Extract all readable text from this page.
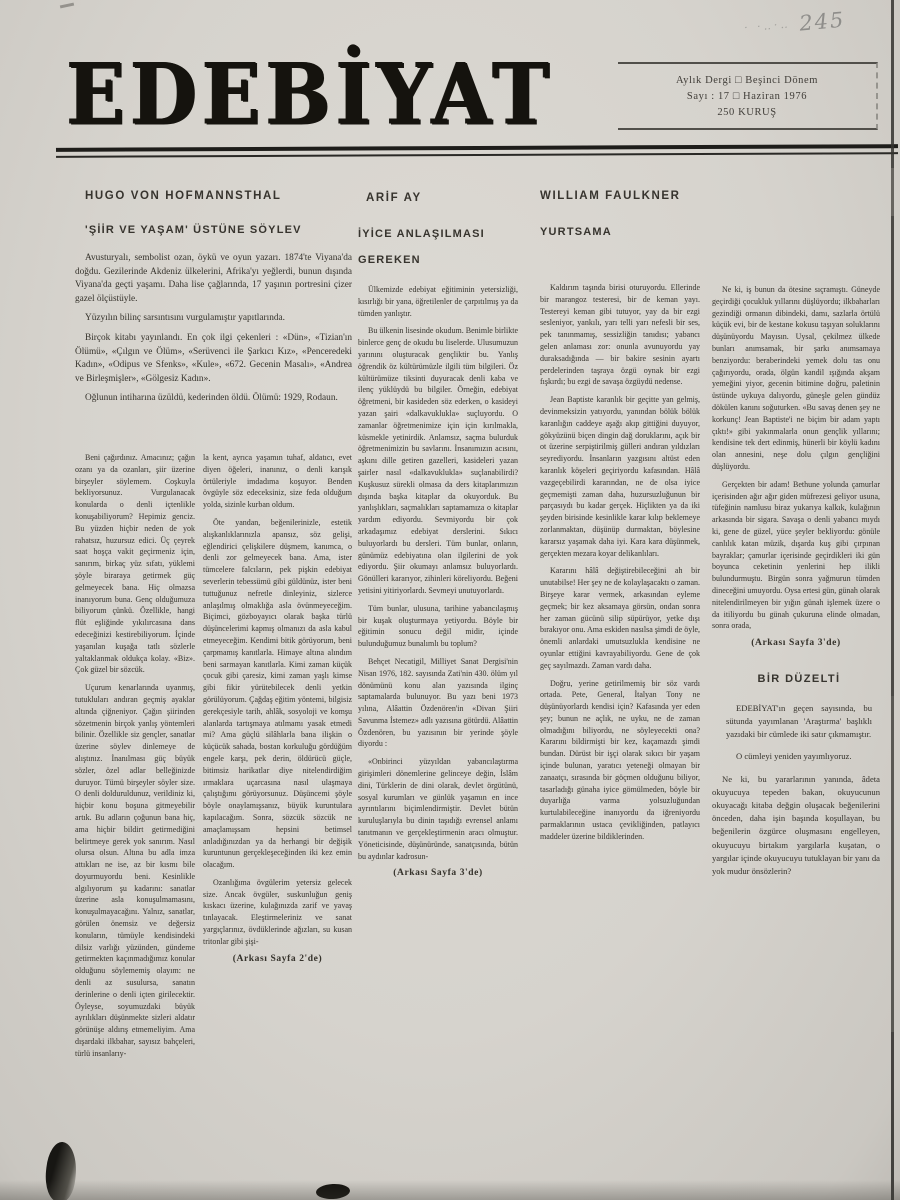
· ·‥·‥ 245
EDEBİYAT	Aylık Dergi □ Beşinci Dönem
Sayı : 17 □ Haziran 1976
250 KURUŞ
HUGO VON HOFMANNSTHAL
'ŞİİR VE YAŞAM' ÜSTÜNE SÖYLEV
ARİF AY
İYİCE ANLAŞILMASI
GEREKEN
WILLIAM FAULKNER
YURTSAMA

Avusturyalı, sembolist ozan, öykü ve oyun yazarı. 1874'te Viyana'da doğdu. Gezilerinde Akdeniz ülkelerini, Afrika'yı yeğlerdi, bunun dışında Viyana'da geçti yaşamı. Daha lise çağlarında, 17 yaşının portresini çizer gazel ölçüstüyle.

Yüzyılın bilinç sarsıntısını vurgulamıştır yapıtlarında.

Birçok kitabı yayınlandı. En çok ilgi çekenleri : «Dün», «Tizian'ın Ölümü», «Çılgın ve Ölüm», «Serüvenci ile Şarkıcı Kız», «Penceredeki Kadın», «Odipus ve Sfenks», «Kule», «672. Gecenin Masalı», «Andrea ve Birleşmişler», «Gölgesiz Kadın».

Oğlunun intiharına üzüldü, kederinden öldü. Ölümü: 1929, Rodaun.

Beni çağırdınız. Amacınız; çağın ozanı ya da ozanları, şiir üzerine birşeyler söylemem. Coşkuyla bekliyorsunuz. Vurgulanacak konularda o denli içtenlikle konuşabiliyorum? Hepimiz genciz. Bu yüzden hiçbir neden de yok rahatsız, huzursuz edici. Üç çeyrek saat hoşça vakit geçirmeniz için, sanırım, birkaç yüz sıfatı, yüklemi şöyle biraraya getirmek güç gelmeyecek bana. Hiç olmazsa inanıyorum buna. Genç olduğumuza biliyorum çünkü. Özellikle, hangi flüt eşliğinde yıkılırcasına dans edeceğinizi kestirebiliyorum. İçinde yaşanılan kuşağa tatlı sözlerle yaltaklanmak oldukça kolay. «Biz». Çok güzel bir sözcük.

Uçurum kenarlarında uyanmış, tutukluları andıran geçmiş ayaklar altında çiğneniyor. Çağın şiirinden sözetmenin birçok yanlış yöntemleri bilinir. Özellikle siz gençler, sanatlar üzerine söylev dinlemeye de alıştınız. İnanılması güç büyük sözler, özel adlar belleğinizde duruyor. Tümü birşeyler söyler size. O denli dolduruldunuz, verildiniz ki, hiçbir konu boşuna gitmeyebilir artık. Bu adların çoğunun bana hiç, ama hiçbir bildirt getirmediğini belirtmeye gerek yok sanırım. Nasıl olursa olsun. Altına bu adla imza attıkları ne ise, az bir kısmı bile doyurmuyordu beni. Kesinlikle algılıyorum şu kadarını: sanatlar üzerine asla konuşulmamasını, konuşulmayacağını. Yalnız, sanatlar, görülen önemsiz ve değersiz konuların, tümüyle kendisindeki dilsiz varlığı yüzünden, gündeme getirmekten kaçınmadığımız konular olduğunu söylememiş olayım: ne denli az susulursa, sanatın derinlerine o denli içten girilecektir. Öyleyse, soyumuzdaki büyük ayrılıkları düşünmekte sizleri aldatır görünüşe aldırış etmemeliyim. Ama dışardaki ilkbahar, sayısız bahçeleri, türlü insanlarıy-

la kent, ayrıca yaşamın tuhaf, aldatıcı, evet diyen öğeleri, inanınız, o denli karışık örtüleriyle imdadıma koşuyor. Benden övgüyle söz edeceksiniz, size feda olduğum yolda, sizinle kurban oldum.

Öte yandan, beğenilerinizle, estetik alışkanlıklarınızla apansız, söz gelişi, eğlendirici çelişkilere düşmem, kanımca, o denli zor gelmeyecek bana. Ama, ister tümcelere falcıların, pek pişkin edebiyat severlerin tebessümü gibi güldünüz, ister beni tuttuğunuz nefretle dinleyiniz, sizlerce anlaşılmış olmaklığa asla övünmeyeceğim. Biçimci, gözboyayıcı olarak başka türlü düşüncelerimi kapmış olmanızı da asla kabul etmeyeceğim. Kendimi bitik görüyorum, beni çarpmamış kanıtlarla. Himaye altına alındım beni sarmayan kanıtlarla. Kimi zaman küçük çocuk gibi çaresiz, kimi zaman yaşlı kimse gibi fikir yürütebilecek denli yetkin görülüyorum. Çağdaş eğitim yöntemi, bilgisiz gerekçesiyle tarih, ahlâk, sosyoloji ve komşu alanlarda tartışmaya atılmamı yasak etmedi mi? Ama güçlü silâhlarla bana ilişkin o küçücük sahada, bostan korkuluğu gördüğüm engele karşı, pek derin, öldürücü güçle, bitimsiz harikatlar diye nitelendirdiğim ırmaklara uçarcasına nasıl ulaşmaya çalıştığımı görüyorsunuz. Düşüncemi şöyle böyle onaylamışsanız, büyük kuruntulara kapılacağım. Sonra, sözcük sözcük ne amaçlamışsam hepsini betimsel anladığınızdan ya da herhangi bir değişik kuruntunun gerçekleşeceğinden iki kez emin olacağım.

Ozanlığıma övgülerim yetersiz gelecek size. Ancak övgüler, suskunluğun geniş kıskacı üzerine, kulağınızda zarif ve yavaş tınlayacak. Eleştirmeleriniz ve sanat yargıçlarınız, övdüklerinde ağızları, su kusan tritonlar gibi şişi-

(Arkası Sayfa 2'de)

Ülkemizde edebiyat eğitiminin yetersizliği, kısırlığı bir yana, öğretilenler de çarpıtılmış ya da tümden yanlıştır.

Bu ülkenin lisesinde okudum. Benimle birlikte binlerce genç de okudu bu liselerde. Ulusumuzun yarınını oluşturacak gençliktir bu. Yanlış öğrendik öz kültürümüzle ilgili tüm bilgileri. Öz kültürümüze tiksinti duyuracak denli kaba ve ilenç yüklüydü bu bilgiler. Örneğin, edebiyat öğretmeni, bir kasideden söz ederken, o kasideyi yazan şairi «dalkavuklukla» suçluyordu. O zamanlar öğretmenimize için için kırılmakla, küsmekle yetinirdik. Anlamsız, saçma bulurduk öğretmenimizin bu savlarını. İnsanımızın acısını, aşkını dille getiren gazelleri, kasideleri yazan şairler nasıl «dalkavuklukla» suçlanabilirdi? Kuşkusuz sürekli olmasa da ders kitaplarımızın dışında başka kitaplar da okuyorduk. Bu yanlışlıkları, saçmalıkları saptamamıza o kitaplar yardım ediyordu. Sevmiyordu bir çok arkadaşımız edebiyat derslerini. Sıkıcı buluyorlardı bu dersleri. Tüm bunlar, onların, günümüz edebiyatına olan ilgilerini de yok ediyordu. Şiir okumayı anlamsız buluyorlardı. Gönülleri kararıyor, zihinleri köreliyordu. Beğeni yetisini yitiriyorlardı. Sevmeyi unutuyorlardı.

Tüm bunlar, ulusuna, tarihine yabancılaşmış bir kuşak oluşturmaya yetiyordu. Böyle bir eğitimin sonucu değil midir, içinde bulunduğumuz bunalımlı bu toplum?

Behçet Necatigil, Milliyet Sanat Dergisi'nin Nisan 1976, 182. sayısında Zati'nin 430. ölüm yıl dönümünü konu alan yazısında ilginç saptamalarda bulunuyor. Bu yazı beni 1973 yılına, Alâattin Özdenören'in «Divan Şiiri Savunma İstemez» adlı yazısına götürdü. Alâattin Özdenören, bu yazısının bir yerinde şöyle diyordu :

«Onbirinci yüzyıldan yabancılaştırma girişimleri dönemlerine gelinceye değin, İslâm dini, Türklerin de dini olarak, devlet örgütünü, sosyal kurumları ve günlük yaşamın en ince ayrıntılarını biçimlendirmiştir. Devlet bütün kuruluşlarıyla bu dinin taşıdığı evrensel anlamı tanıtmanın ve gerçekleştirmenin aracı olmuştur. Yöneticisinde, düşünüründe, sanatçısında, bütün bu aydınlar kadrosun-

(Arkası Sayfa 3'de)

Kaldırım taşında birisi oturuyordu. Ellerinde bir marangoz testeresi, bir de keman yayı. Testereyi keman gibi tutuyor, yay da bir ezgi sesleniyor, yankılı, yarı telli yarı nefesli bir ses, pek tanınmamış, sessizliğin tanıdısı; yabancı gelen anlaması zor: onunla avunuyordu yay duraksadığında — bir bakire sesinin ayartı perdelerinden taşraya özgü oynak bir ezgi fışkırdı; bu ezgi de savaşa özgüydü nedense.

Jean Baptiste karanlık bir geçitte yan gelmiş, devinmeksizin yatıyordu, yanından bölük bölük karanlığın caddeye aşağı akıp gittiğini duyuyor, gökyüzünü biçen dingin dağ doruklarını, açık bir ot üzerine serpiştirilmiş gülleri andıran yıldızları seyrediyordu. İnsanların yazgısını altüst eden karanlık köşeleri geçiriyordu kafasından. Hâlâ vazgeçebilirdi kararından, ne de olsa iyice geçmemişti zaman daha, huzursuzluğunun bir parçasıydı bu kadar gerçek. Hiçlikten ya da iki şeyden birisinde kesinlikle karar kılıp beklemeye zorlanmaktan, düşünüp durmaktan, böylesine kararsız yaşamak daha iyi. Kara kara düşünmek, gerçekten mezara koyar delikanlıları.

Kararını hâlâ değiştirebileceğini ah bir unutabilse! Her şey ne de kolaylaşacaktı o zaman. Birşeye karar vermek, arkasından eyleme geçmek; bir kez aksamaya görsün, ondan sonra her zaman gücünü silip süpürüyor, yetke dışı bırakıyor onu. Ama eskiden nasılsa şimdi de öyle, önemli anlardaki umutsuzlukla kendisine ne oyunlar ettiğini kavrayabiliyordu. Gene de çok geç sayılmazdı. Zaman vardı daha.

Doğru, yerine getirilmemiş bir söz vardı ortada. Pete, General, İtalyan Tony ne düşünüyorlardı kendisi için? Kafasında yer eden şey; bunun ne açlık, ne uyku, ne de zaman olmadığını biliyordu, ne söyleyecekti ona? Kararını bildirmişti bir kez, kaçamazdı şimdi bundan. Dürüst bir işçi olarak sıkıcı bir yaşam içinde bulunan, yaratıcı yeteneği olmayan bir zanaatçı, sırasında bir göçmen olduğunu biliyor, tasarladığı günaha iyice gömülmeden, böyle bir duyarlığa varma yolsuzluğundan kurtulabileceğine inanıyordu da iğreniyordu parmaklarının ustaca çevikliğinden, patlayıcı maddeler üzerine bildiklerinden.

Ne ki, iş bunun da ötesine sıçramıştı. Güneyde geçirdiği çocukluk yıllarını düşlüyordu; ilkbaharları gezindiği ormanın dibindeki, damı, sazlarla örtülü küçük evi, bir de kestane kokusu taşıyan soluklarını düşünüyordu Mayısın. Uysal, çekilmez ülkede bunları anımsamak, bir şarkı anımsamaya benziyordu: beraberindeki yemek dolu tas onu çağırıyordu, orada, ölgün kandil ışığında akşam yemeğini yiyor, gecenin bitimine doğru, paletinin üstünde uykuya dalıyordu, güneşle gelen gündüz dökülen kanını soğuturken. «Bu savaş denen şey ne korkunç! Jean Baptiste'i ne biçim bir adam yaptı çıktı!» gibi yakınmalarla onun gençlik yıllarını; kendisine tek dert edinmiş, hünerli bir köylü kadını olan annesini, neşe dolu çılgın gençliğini düşlüyordu.

Gerçekten bir adam! Bethune yolunda çamurlar içerisinden ağır ağır giden müfrezesi geliyor usuna, tüfeğinin namlusu biraz yukarıya kalkık, kulağının arkasında bir sigara. Savaşa o denli yabancı mıydı ki, gene de güzel, yüce şeyler bekliyordu: gönüle canlılık katan müzik, dışarda kuş gibi çırpınan bayraklar; çamurlar içerisinde geçirdikleri iki gün boyunca ceketinin yenlerini hep ilikli bulundurmuştu. Birgün sonra yağmurun tümden dineceğini umuyordu. Oysa ertesi gün, günah olarak nitelendirilmeyen bir yığın günah işlemek üzere o da itiliyordu bu günah çukuruna elinde olmadan, sonra orada,

(Arkası Sayfa 3'de)

BİR DÜZELTİ

EDEBİYAT'ın geçen sayısında, bu sütunda yayımlanan 'Araştırma' başlıklı yazıdaki bir cümlede iki satır çıkmamıştır.

O cümleyi yeniden yayımlıyoruz.

Ne ki, bu yararlarının yanında, âdeta okuyucuya tepeden bakan, okuyucunun okuyacağı kitaba değgin oluşacak beğenilerini önceden, daha işin başında koşullayan, bu beğenilerin özgürce oluşmasını engelleyen, okuyucuyu birtakım yargılarla kuşatan, o yargılar içinde okuyucuyu tutuklayan bir yanı da yok mudur önsözlerin?
